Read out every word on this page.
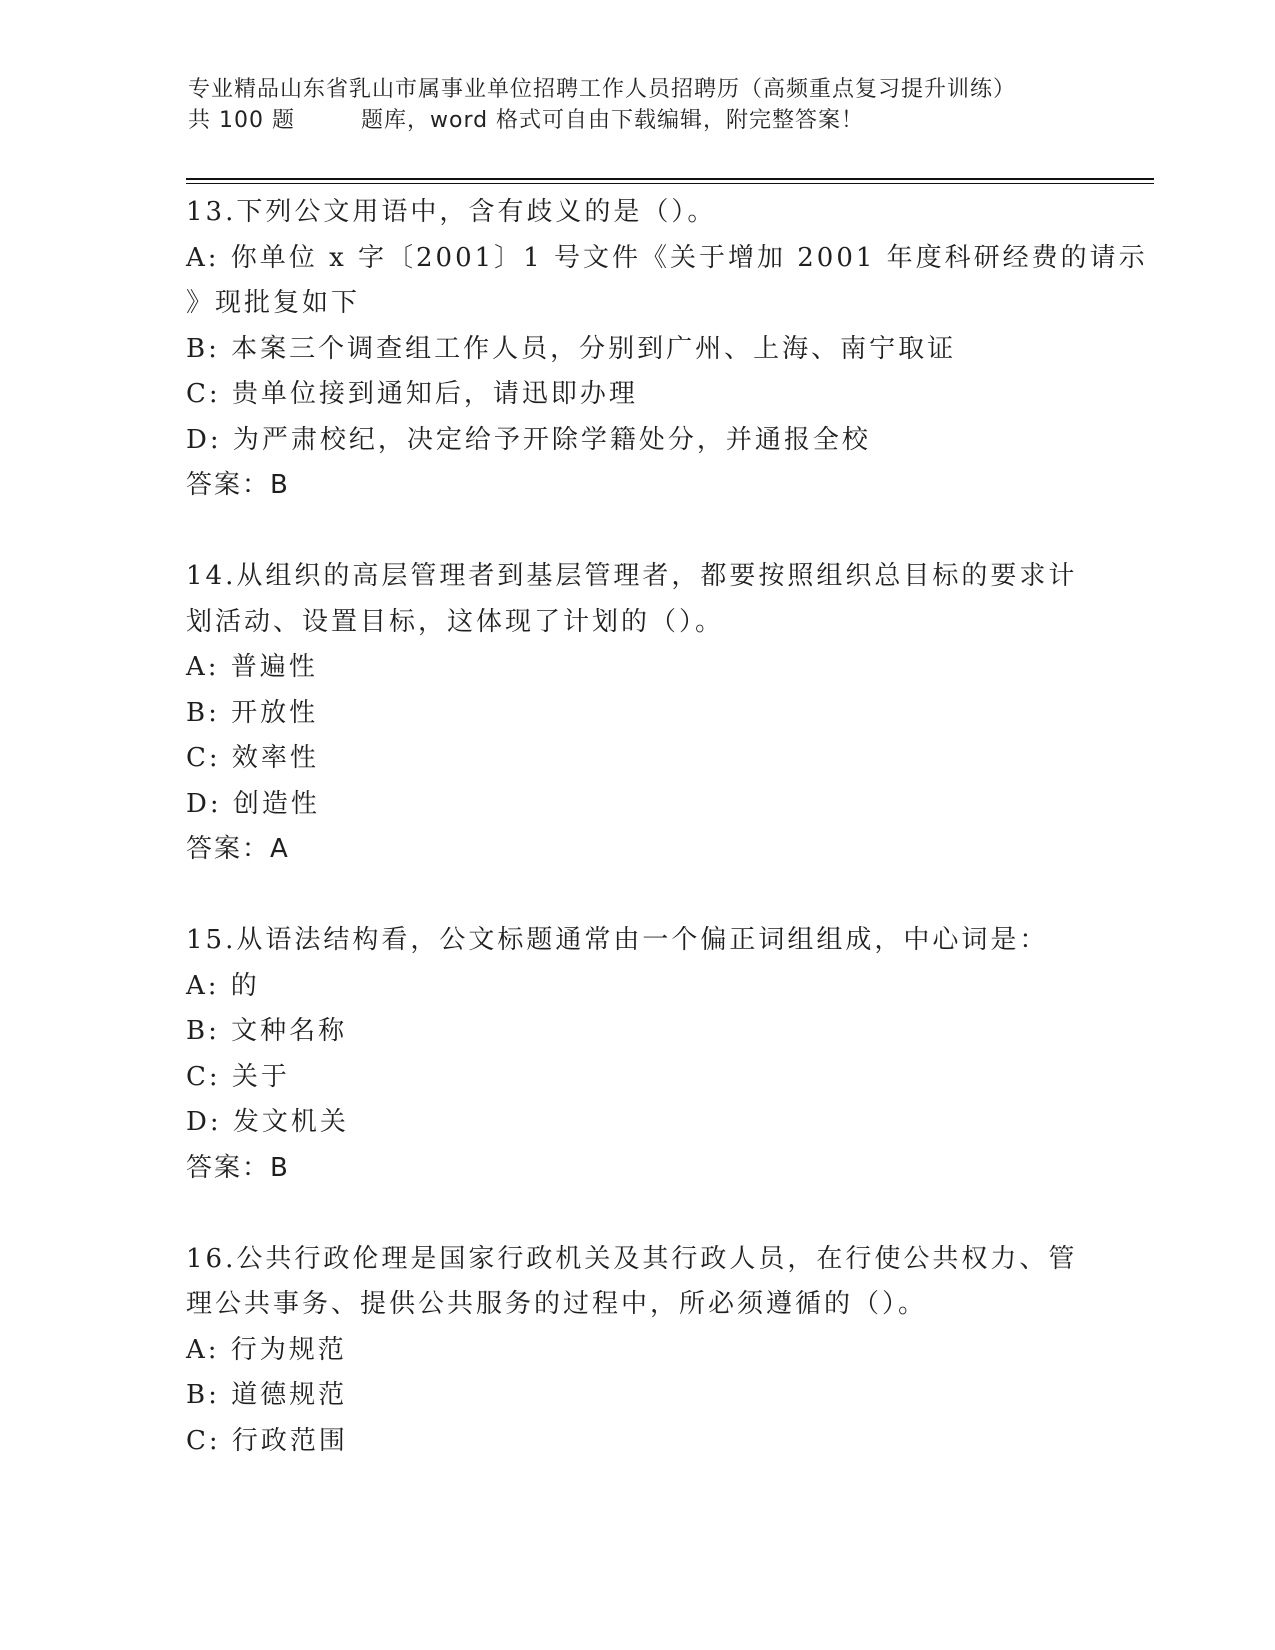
专业精品山东省乳山市属事业单位招聘工作人员招聘历（高频重点复习提升训练）
共 100 题	题库，word 格式可自由下载编辑，附完整答案！
13.下列公文用语中，含有歧义的是（）。
A: 你单位 x 字〔2001〕1 号文件《关于增加 2001 年度科研经费的请示
》现批复如下
B: 本案三个调查组工作人员，分别到广州、上海、南宁取证
C: 贵单位接到通知后，请迅即办理
D: 为严肃校纪，决定给予开除学籍处分，并通报全校
答案：B
14.从组织的高层管理者到基层管理者，都要按照组织总目标的要求计
划活动、设置目标，这体现了计划的（）。
A: 普遍性
B: 开放性
C: 效率性
D: 创造性
答案：A
15.从语法结构看，公文标题通常由一个偏正词组组成，中心词是：
A: 的
B: 文种名称
C: 关于
D: 发文机关
答案：B
16.公共行政伦理是国家行政机关及其行政人员，在行使公共权力、管
理公共事务、提供公共服务的过程中，所必须遵循的（）。
A: 行为规范
B: 道德规范
C: 行政范围
